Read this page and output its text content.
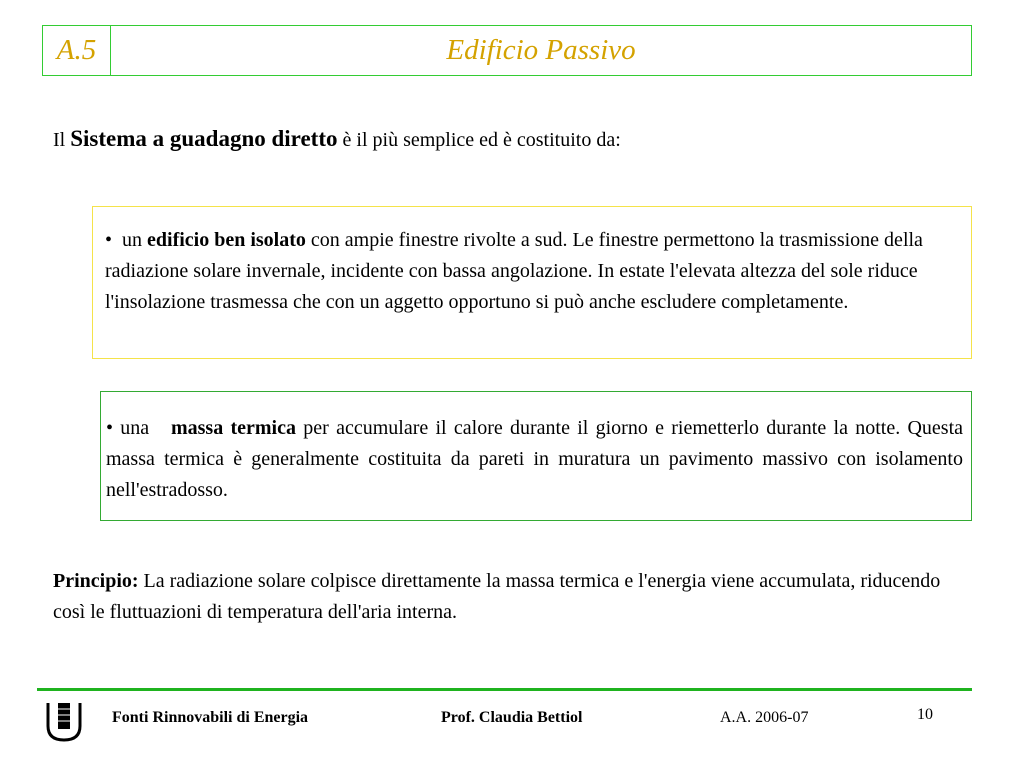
A.5	Edificio Passivo
Il Sistema a guadagno diretto è il più semplice ed è costituito da:
• un edificio ben isolato con ampie finestre rivolte a sud. Le finestre permettono la trasmissione della radiazione solare invernale, incidente con bassa angolazione. In estate l'elevata altezza del sole riduce l'insolazione trasmessa che con un aggetto opportuno si può anche escludere completamente.
• una   massa termica per accumulare il calore durante il giorno e riemetterlo durante la notte. Questa massa termica è generalmente costituita da pareti in muratura un pavimento massivo con isolamento nell'estradosso.
Principio: La radiazione solare colpisce direttamente la massa termica e l'energia viene accumulata, riducendo così le fluttuazioni di temperatura dell'aria interna.
Fonti Rinnovabili di Energia	Prof. Claudia Bettiol	A.A. 2006-07	10
